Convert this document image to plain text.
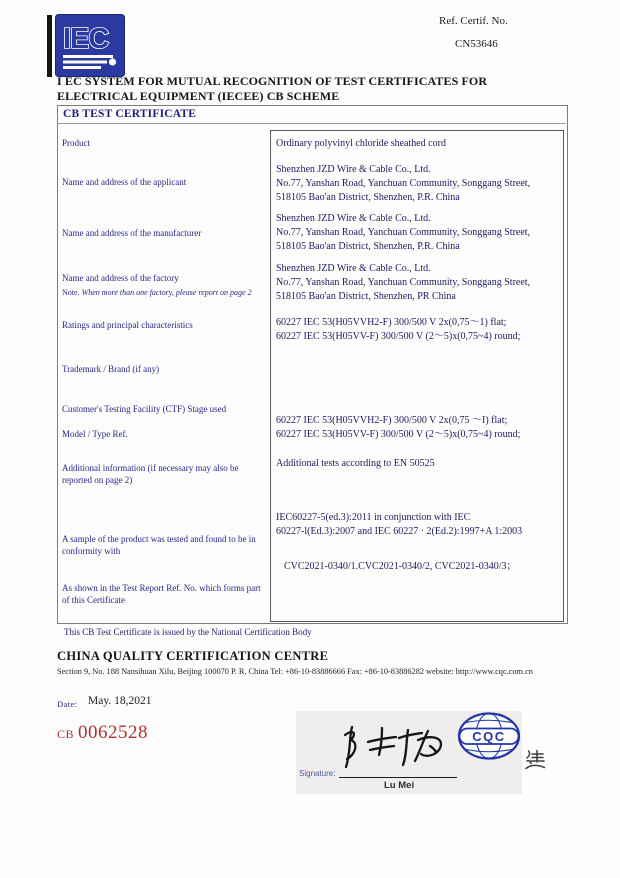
IEC
Ref. Certif. No.
CN53646
I EC SYSTEM FOR MUTUAL RECOGNITION OF TEST CERTIFICATES FOR ELECTRICAL EQUIPMENT (IECEE) CB SCHEME
CB TEST CERTIFICATE
Product	Ordinary polyvinyl chloride sheathed cord
Name and address of the applicant
Shenzhen JZD Wire & Cable Co., Ltd.
No.77, Yanshan Road, Yanchuan Community, Songgang Street,
518105 Bao'an District, Shenzhen, P.R. China
Name and address of the manufacturer
Shenzhen JZD Wire & Cable Co., Ltd.
No.77, Yanshan Road, Yanchuan Community, Songgang Street,
518105 Bao'an District, Shenzhen, P.R. China
Name and address of the factory
Note. When more than one factory, please report on page 2
Shenzhen JZD Wire & Cable Co., Ltd.
No.77, Yanshan Road, Yanchuan Community, Songgang Street,
518105 Bao'an District, Shenzhen, PR China
Ratings and principal characteristics	60227 IEC 53(H05VVH2-F) 300/500 V 2x(0,75〜1) flat;
60227 IEC 53(H05VV-F) 300/500 V (2〜5)x(0,75~4) round;
Trademark / Brand (if any)
Customer's Testing Facility (CTF) Stage used
Model / Type Ref.
60227 IEC 53(H05VVH2-F) 300/500 V 2x(0,75 〜I) flat;
60227 IEC 53(H05VV-F) 300/500 V (2〜5)x(0,75~4) round;
Additional information (if necessary may also be reported on page 2)
Additional tests according to EN 50525
A sample of the product was tested and found to be in conformity with
IEC60227-5(ed.3):2011 in conjunction with IEC
60227-l(Ed.3):2007 and IEC 60227 · 2(Ed.2):1997+A 1:2003
As shown in the Test Report Ref. No. which forms part of this Certificate
CVC2021-0340/1.CVC2021-0340/2, CVC2021-0340/3；
This CB Test Certificate is issued by the National Certification Body
CHINA QUALITY CERTIFICATION CENTRE
Section 9, No. 188 Nansihuan Xilu, Beijing 100070 P. R. China Tel: +86-10-83886666 Fax: +86-10-83886282 website: http://www.cqc.com.cn
Date: May. 18,2021
CB 0062528
Signature:
Lu Mei
CQC
